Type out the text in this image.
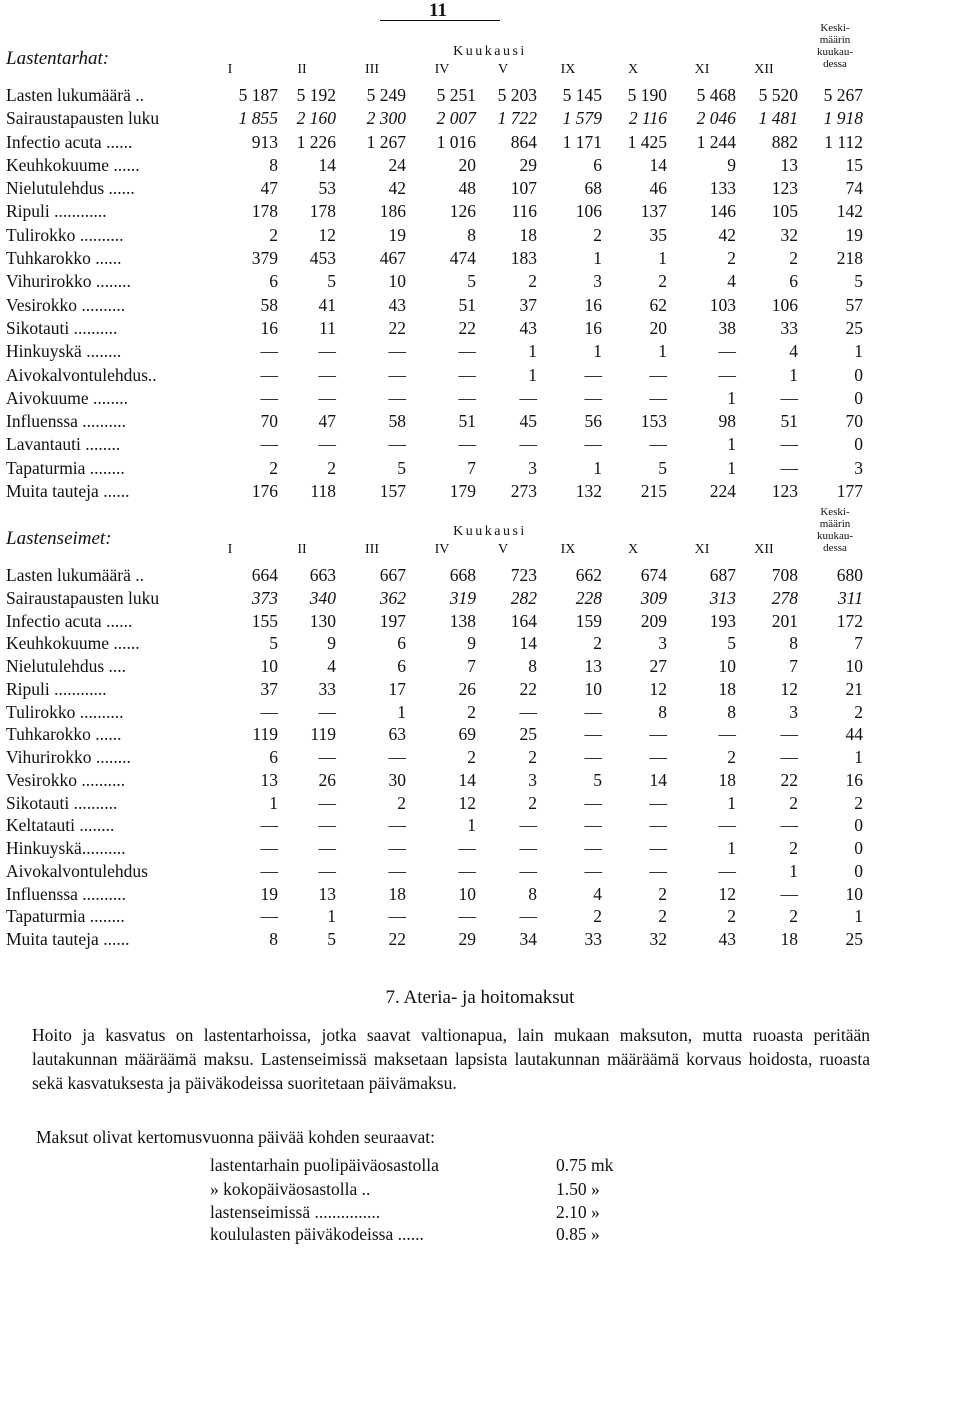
11
Lastentarhat:	Kuukausi
Keski-
määrin
kuukau-
dessa
I	II	III	IV	V	IX	X	XI	XII
Lasten lukumäärä ..	5 187	5 192	5 249	5 251	5 203	5 145	5 190	5 468	5 520	5 267
Sairaustapausten luku	1 855	2 160	2 300	2 007	1 722	1 579	2 116	2 046	1 481	1 918
Infectio acuta ......	913	1 226	1 267	1 016	864	1 171	1 425	1 244	882	1 112
Keuhkokuume ......	8	14	24	20	29	6	14	9	13	15
Nielutulehdus ......	47	53	42	48	107	68	46	133	123	74
Ripuli ............	178	178	186	126	116	106	137	146	105	142
Tulirokko ..........	2	12	19	8	18	2	35	42	32	19
Tuhkarokko ......	379	453	467	474	183	1	1	2	2	218
Vihurirokko ........	6	5	10	5	2	3	2	4	6	5
Vesirokko ..........	58	41	43	51	37	16	62	103	106	57
Sikotauti ..........	16	11	22	22	43	16	20	38	33	25
Hinkuyskä ........	—	—	—	—	1	1	1	—	4	1
Aivokalvontulehdus..	—	—	—	—	1	—	—	—	1	0
Aivokuume ........	—	—	—	—	—	—	—	1	—	0
Influenssa ..........	70	47	58	51	45	56	153	98	51	70
Lavantauti ........	—	—	—	—	—	—	—	1	—	0
Tapaturmia ........	2	2	5	7	3	1	5	1	—	3
Muita tauteja ......	176	118	157	179	273	132	215	224	123	177
Lastenseimet:	Kuukausi
Keski-
määrin
kuukau-
dessa
I	II	III	IV	V	IX	X	XI	XII
Lasten lukumäärä ..	664	663	667	668	723	662	674	687	708	680
Sairaustapausten luku	373	340	362	319	282	228	309	313	278	311
Infectio acuta ......	155	130	197	138	164	159	209	193	201	172
Keuhkokuume ......	5	9	6	9	14	2	3	5	8	7
Nielutulehdus ....	10	4	6	7	8	13	27	10	7	10
Ripuli ............	37	33	17	26	22	10	12	18	12	21
Tulirokko ..........	—	—	1	2	—	—	8	8	3	2
Tuhkarokko ......	119	119	63	69	25	—	—	—	—	44
Vihurirokko ........	6	—	—	2	2	—	—	2	—	1
Vesirokko ..........	13	26	30	14	3	5	14	18	22	16
Sikotauti ..........	1	—	2	12	2	—	—	1	2	2
Keltatauti ........	—	—	—	1	—	—	—	—	—	0
Hinkuyskä..........	—	—	—	—	—	—	—	1	2	0
Aivokalvontulehdus	—	—	—	—	—	—	—	—	1	0
Influenssa ..........	19	13	18	10	8	4	2	12	—	10
Tapaturmia ........	—	1	—	—	—	2	2	2	2	1
Muita tauteja ......	8	5	22	29	34	33	32	43	18	25
7. Ateria- ja hoitomaksut
Hoito ja kasvatus on lastentarhoissa, jotka saavat valtionapua, lain mukaan maksuton, mutta ruoasta peritään lautakunnan määräämä maksu. Lastenseimissä maksetaan lapsista lautakunnan määräämä korvaus hoidosta, ruoasta sekä kasvatuksesta ja päiväkodeissa suoritetaan päivämaksu.
Maksut olivat kertomusvuonna päivää kohden seuraavat:
lastentarhain puolipäiväosastolla	0.75 mk
» kokopäiväosastolla ..	1.50 »
lastenseimissä ...............	2.10 »
koululasten päiväkodeissa ......	0.85 »
